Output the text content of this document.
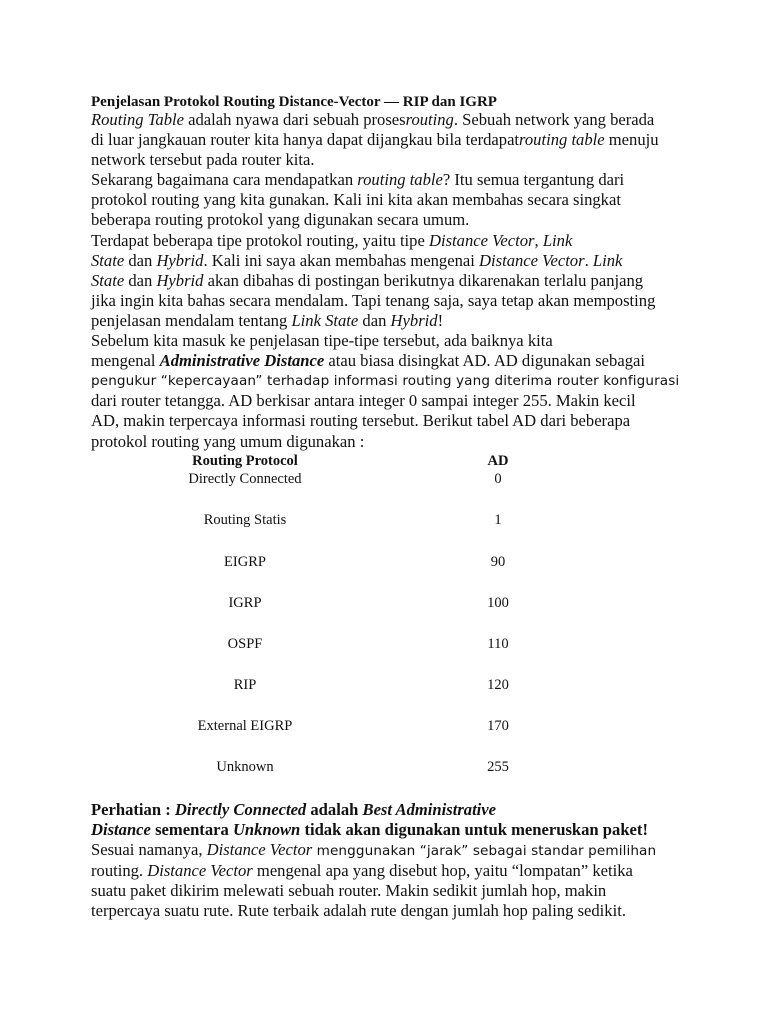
Penjelasan Protokol Routing Distance-Vector — RIP dan IGRP

Routing Table adalah nyawa dari sebuah prosesrouting. Sebuah network yang berada

di luar jangkauan router kita hanya dapat dijangkau bila terdapatrouting table menuju

network tersebut pada router kita.

Sekarang bagaimana cara mendapatkan routing table? Itu semua tergantung dari

protokol routing yang kita gunakan. Kali ini kita akan membahas secara singkat

beberapa routing protokol yang digunakan secara umum.

Terdapat beberapa tipe protokol routing, yaitu tipe Distance Vector, Link

State dan Hybrid. Kali ini saya akan membahas mengenai Distance Vector. Link

State dan Hybrid akan dibahas di postingan berikutnya dikarenakan terlalu panjang

jika ingin kita bahas secara mendalam. Tapi tenang saja, saya tetap akan memposting

penjelasan mendalam tentang Link State dan Hybrid!

Sebelum kita masuk ke penjelasan tipe-tipe tersebut, ada baiknya kita

mengenal Administrative Distance atau biasa disingkat AD. AD digunakan sebagai

pengukur “kepercayaan” terhadap informasi routing yang diterima router konfigurasi

dari router tetangga. AD berkisar antara integer 0 sampai integer 255. Makin kecil

AD, makin terpercaya informasi routing tersebut. Berikut tabel AD dari beberapa

protokol routing yang umum digunakan :

Routing Protocol	AD
Directly Connected	0
Routing Statis	1
EIGRP	90
IGRP	100
OSPF	110
RIP	120
External EIGRP	170
Unknown	255

Perhatian : Directly Connected adalah Best Administrative

Distance sementara Unknown tidak akan digunakan untuk meneruskan paket!

Sesuai namanya, Distance Vector menggunakan “jarak” sebagai standar pemilihan

routing. Distance Vector mengenal apa yang disebut hop, yaitu “lompatan” ketika

suatu paket dikirim melewati sebuah router. Makin sedikit jumlah hop, makin

terpercaya suatu rute. Rute terbaik adalah rute dengan jumlah hop paling sedikit.
